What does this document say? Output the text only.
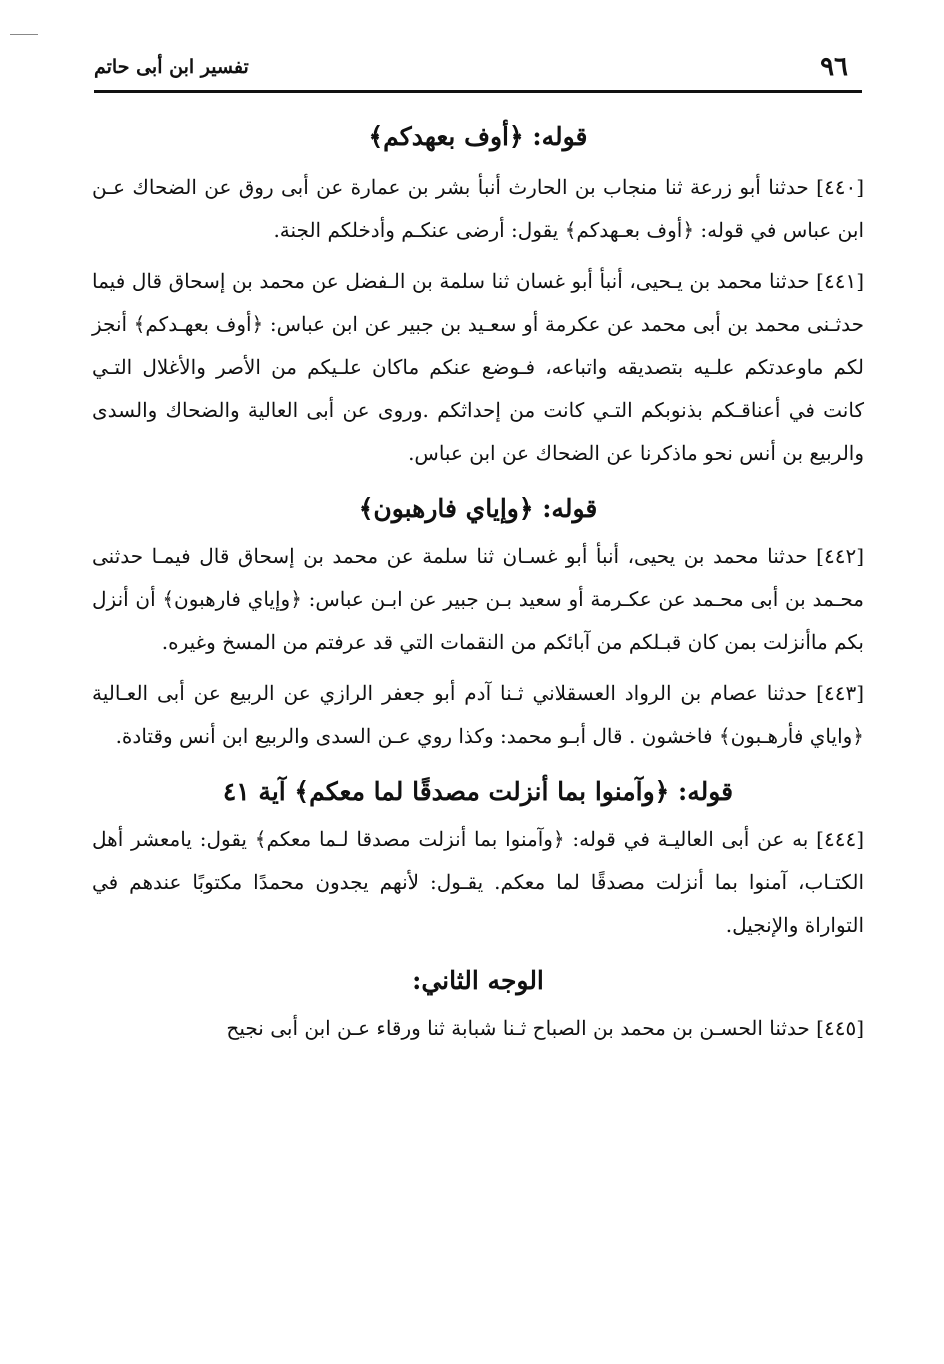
٩٦
تفسير ابن أبى حاتم
قوله: ﴿أوف بعهدكم﴾

[٤٤٠] حدثنا أبو زرعة ثنا منجاب بن الحارث أنبأ بشر بن عمارة عن أبى روق عن الضحاك عـن ابن عباس في قوله: ﴿أوف بعـهدكم﴾ يقول: أرضى عنكـم وأدخلكم الجنة.

[٤٤١] حدثنا محمد بن يـحيى، أنبأ أبو غسان ثنا سلمة بن الـفضل عن محمد بن إسحاق قال فيما حدثـنى محمد بن أبى محمد عن عكرمة أو سعـيد بن جبير عن ابن عباس: ﴿أوف بعهـدكم﴾ أنجز لكم ماوعدتكم علـيه بتصديقه واتباعه، فـوضع عنكم ماكان علـيكم من الأصر والأغلال التـي كانت في أعناقـكم بذنوبكم التـي كانت من إحداثكم .وروى عن أبى العالية والضحاك والسدى والربيع بن أنس نحو ماذكرنا عن الضحاك عن ابن عباس.

قوله: ﴿وإياي فارهبون﴾

[٤٤٢] حدثنا محمد بن يحيى، أنبأ أبو غسـان ثنا سلمة عن محمد بن إسحاق قال فيمـا حدثنى محـمد بن أبى محـمد عن عكـرمة أو سعيد بـن جبير عن ابـن عباس: ﴿وإياي فارهبون﴾ أن أنزل بكم ماأنزلت بمن كان قبـلكم من آبائكم من النقمات التي قد عرفتم من المسخ وغيره.

[٤٤٣] حدثنا عصام بن الرواد العسقلاني ثـنا آدم أبو جعفر الرازي عن الربيع عن أبى العـالية ﴿واياي فأرهـبون﴾ فاخشون . قال أبـو محمد: وكذا روي عـن السدى والربيع ابن أنس وقتادة.

قوله: ﴿وآمنوا بما أنزلت مصدقًا لما معكم﴾ آية ٤١

[٤٤٤] به عن أبى العاليـة في قوله: ﴿وآمنوا بما أنزلت مصدقا لـما معكم﴾ يقول: يامعشر أهل الكتـاب، آمنوا بما أنزلت مصدقًا لما معكم. يقـول: لأنهم يجدون محمدًا مكتوبًا عندهم في التواراة والإنجيل.

الوجه الثاني:

[٤٤٥] حدثنا الحسـن بن محمد بن الصباح ثـنا شبابة ثنا ورقاء عـن ابن أبى نجيح
